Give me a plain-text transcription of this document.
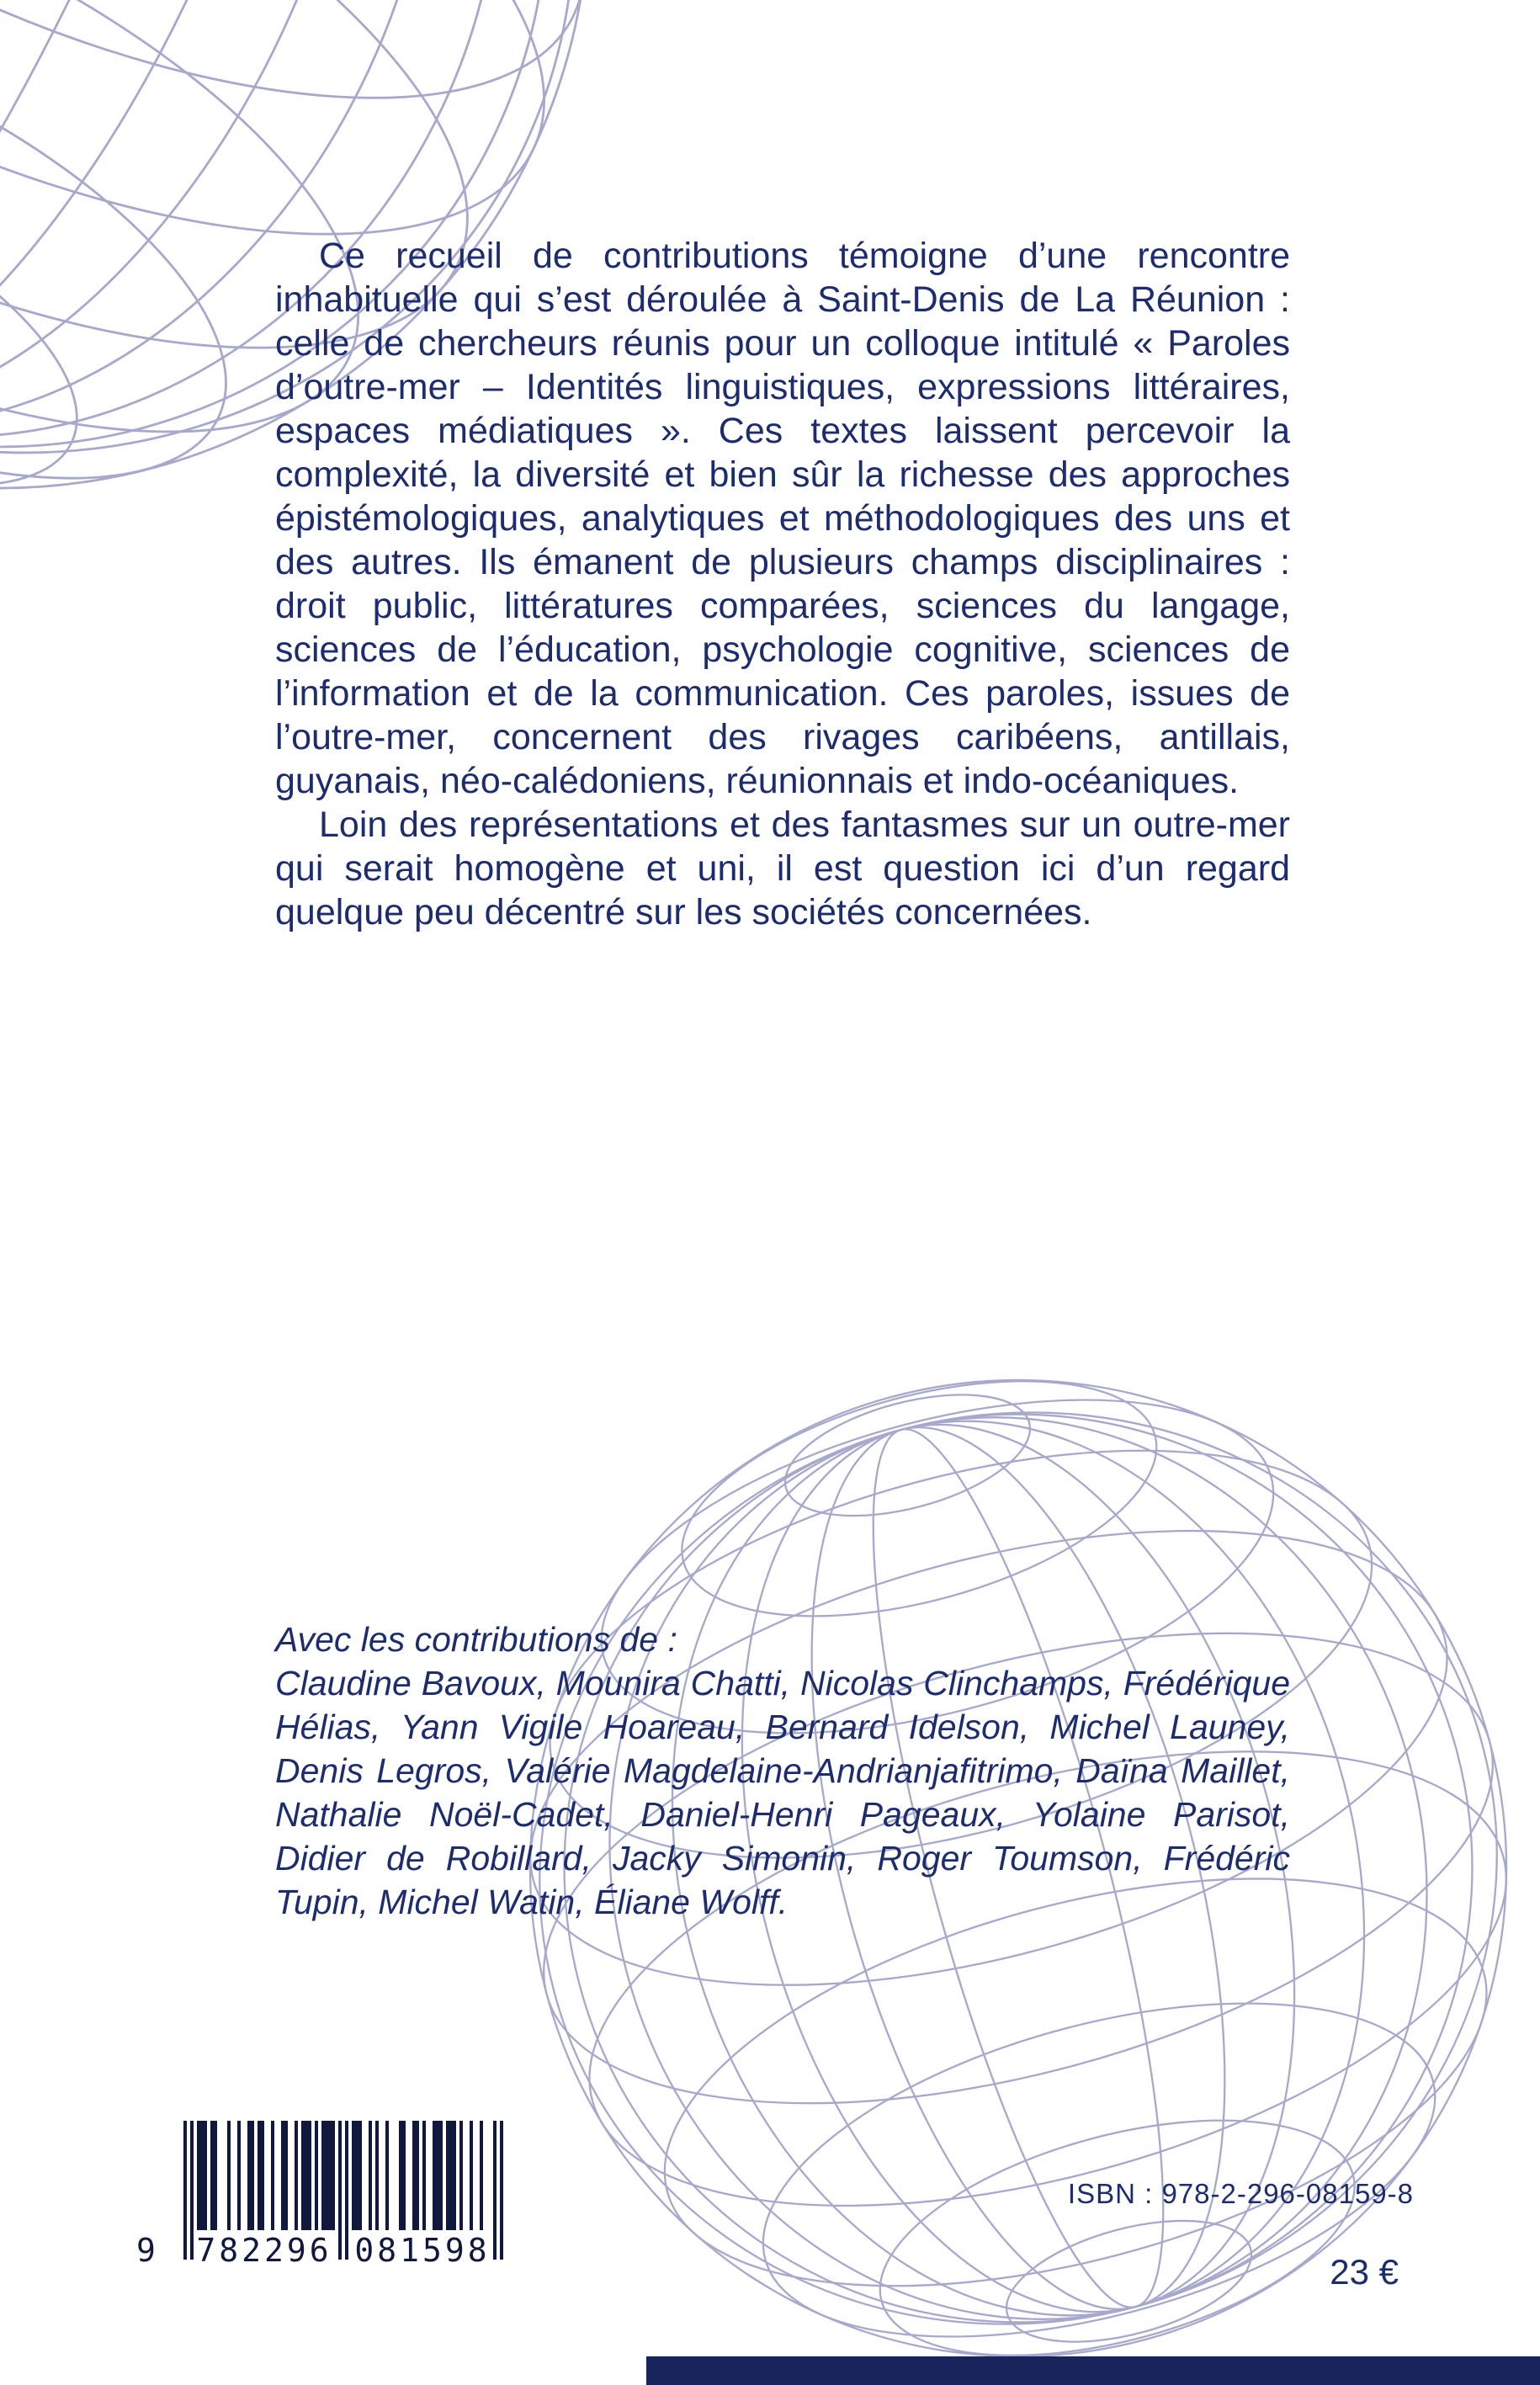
Ce recueil de contributions témoigne d’une rencontre inhabituelle qui s’est déroulée à Saint-Denis de La Réunion : celle de chercheurs réunis pour un colloque intitulé « Paroles d’outre-mer – Identités linguistiques, expressions littéraires, espaces médiatiques ». Ces textes laissent percevoir la complexité, la diversité et bien sûr la richesse des approches épistémologiques, analytiques et méthodologiques des uns et des autres. Ils émanent de plusieurs champs disciplinaires : droit public, littératures comparées, sciences du langage, sciences de l’éducation, psychologie cognitive, sciences de l’information et de la communication. Ces paroles, issues de l’outre-mer, concernent des rivages caribéens, antillais, guyanais, néo-calédoniens, réunionnais et indo-océaniques.

Loin des représentations et des fantasmes sur un outre-mer qui serait homogène et uni, il est question ici d’un regard quelque peu décentré sur les sociétés concernées.

Avec les contributions de :

Claudine Bavoux, Mounira Chatti, Nicolas Clinchamps, Frédérique Hélias, Yann Vigile Hoareau, Bernard Idelson, Michel Launey, Denis Legros, Valérie Magdelaine-Andrianjafitrimo, Daïna Maillet, Nathalie Noël-Cadet, Daniel-Henri Pageaux, Yolaine Parisot, Didier de Robillard, Jacky Simonin, Roger Toumson, Frédéric Tupin, Michel Watin, Éliane Wolff.

9 782296 081598
ISBN : 978-2-296-08159-8
23 €
